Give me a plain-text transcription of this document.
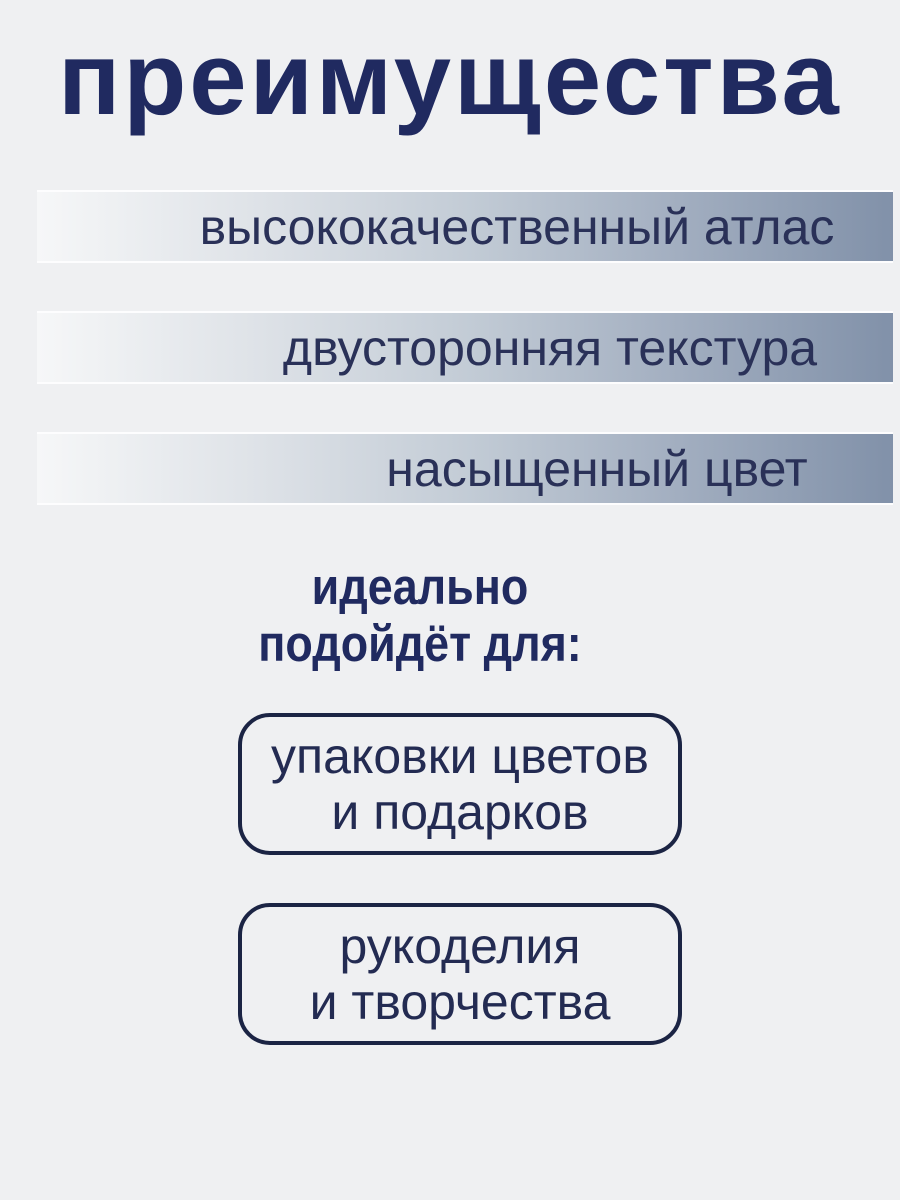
преимущества
высококачественный атлас
двусторонняя текстура
насыщенный цвет
идеально
подойдёт для:
упаковки цветов
и подарков
рукоделия
и творчества
